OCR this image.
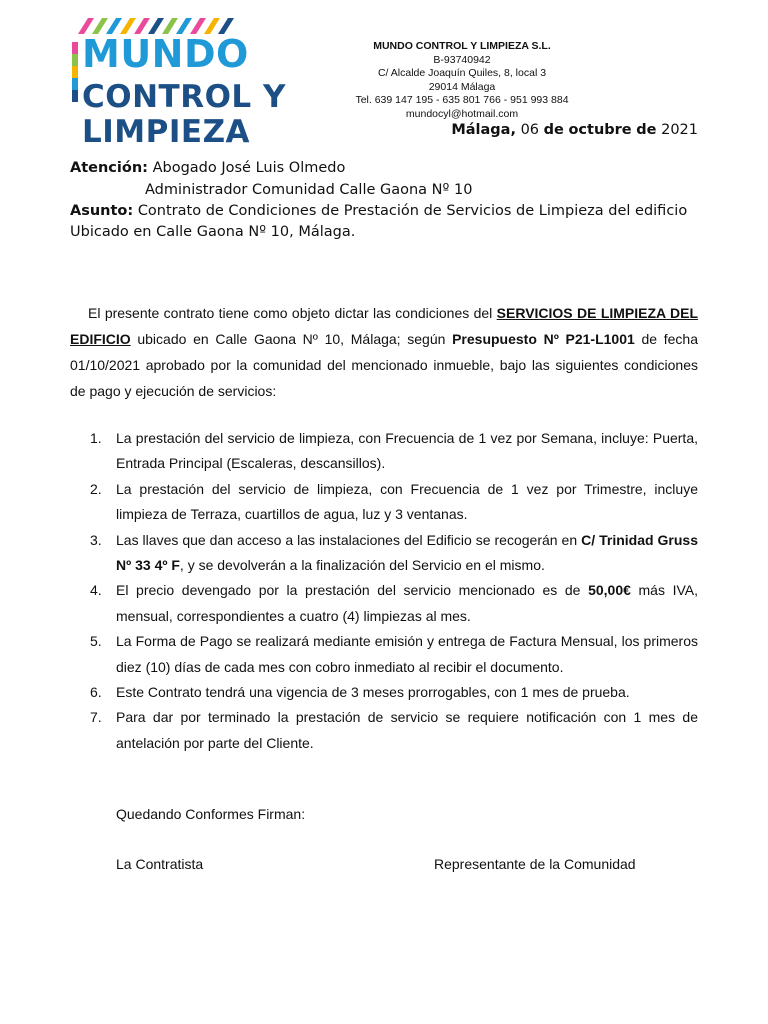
MUNDO
CONTROL Y
LIMPIEZA
MUNDO CONTROL Y LIMPIEZA S.L.
B-93740942
C/ Alcalde Joaquín Quiles, 8, local 3
29014 Málaga
Tel. 639 147 195 - 635 801 766 - 951 993 884
mundocyl@hotmail.com
Málaga, 06 de octubre de 2021
Atención: Abogado José Luis Olmedo
Administrador Comunidad Calle Gaona Nº 10
Asunto: Contrato de Condiciones de Prestación de Servicios de Limpieza del edificio
Ubicado en Calle Gaona Nº 10, Málaga.
El presente contrato tiene como objeto dictar las condiciones del SERVICIOS DE LIMPIEZA DEL EDIFICIO ubicado en Calle Gaona Nº 10, Málaga; según Presupuesto Nº P21-L1001 de fecha 01/10/2021 aprobado por la comunidad del mencionado inmueble, bajo las siguientes condiciones de pago y ejecución de servicios:
1. La prestación del servicio de limpieza, con Frecuencia de 1 vez por Semana, incluye: Puerta, Entrada Principal (Escaleras, descansillos).
2. La prestación del servicio de limpieza, con Frecuencia de 1 vez por Trimestre, incluye limpieza de Terraza, cuartillos de agua, luz y 3 ventanas.
3. Las llaves que dan acceso a las instalaciones del Edificio se recogerán en C/ Trinidad Gruss Nº 33 4º F, y se devolverán a la finalización del Servicio en el mismo.
4. El precio devengado por la prestación del servicio mencionado es de 50,00€ más IVA, mensual, correspondientes a cuatro (4) limpiezas al mes.
5. La Forma de Pago se realizará mediante emisión y entrega de Factura Mensual, los primeros diez (10) días de cada mes con cobro inmediato al recibir el documento.
6. Este Contrato tendrá una vigencia de 3 meses prorrogables, con 1 mes de prueba.
7. Para dar por terminado la prestación de servicio se requiere notificación con 1 mes de antelación por parte del Cliente.
Quedando Conformes Firman:
La Contratista	Representante de la Comunidad
